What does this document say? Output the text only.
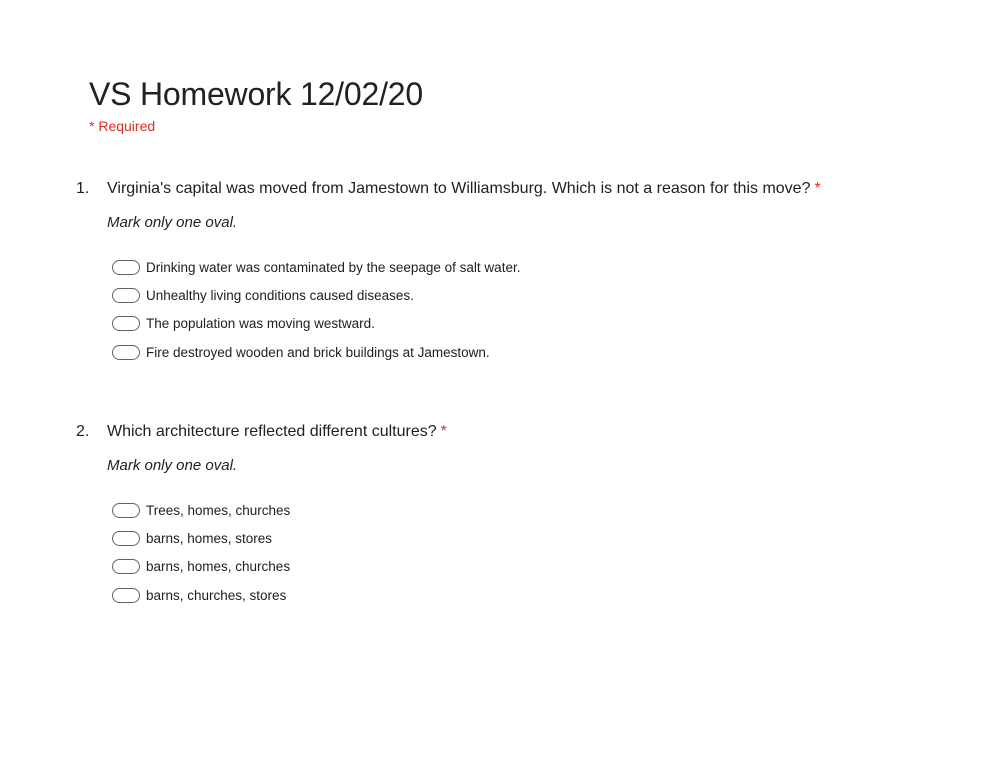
VS Homework 12/02/20
* Required
1. Virginia's capital was moved from Jamestown to Williamsburg. Which is not a reason for this move? *
Mark only one oval.
Drinking water was contaminated by the seepage of salt water.
Unhealthy living conditions caused diseases.
The population was moving westward.
Fire destroyed wooden and brick buildings at Jamestown.
2. Which architecture reflected different cultures? *
Mark only one oval.
Trees, homes, churches
barns, homes, stores
barns, homes, churches
barns, churches, stores
